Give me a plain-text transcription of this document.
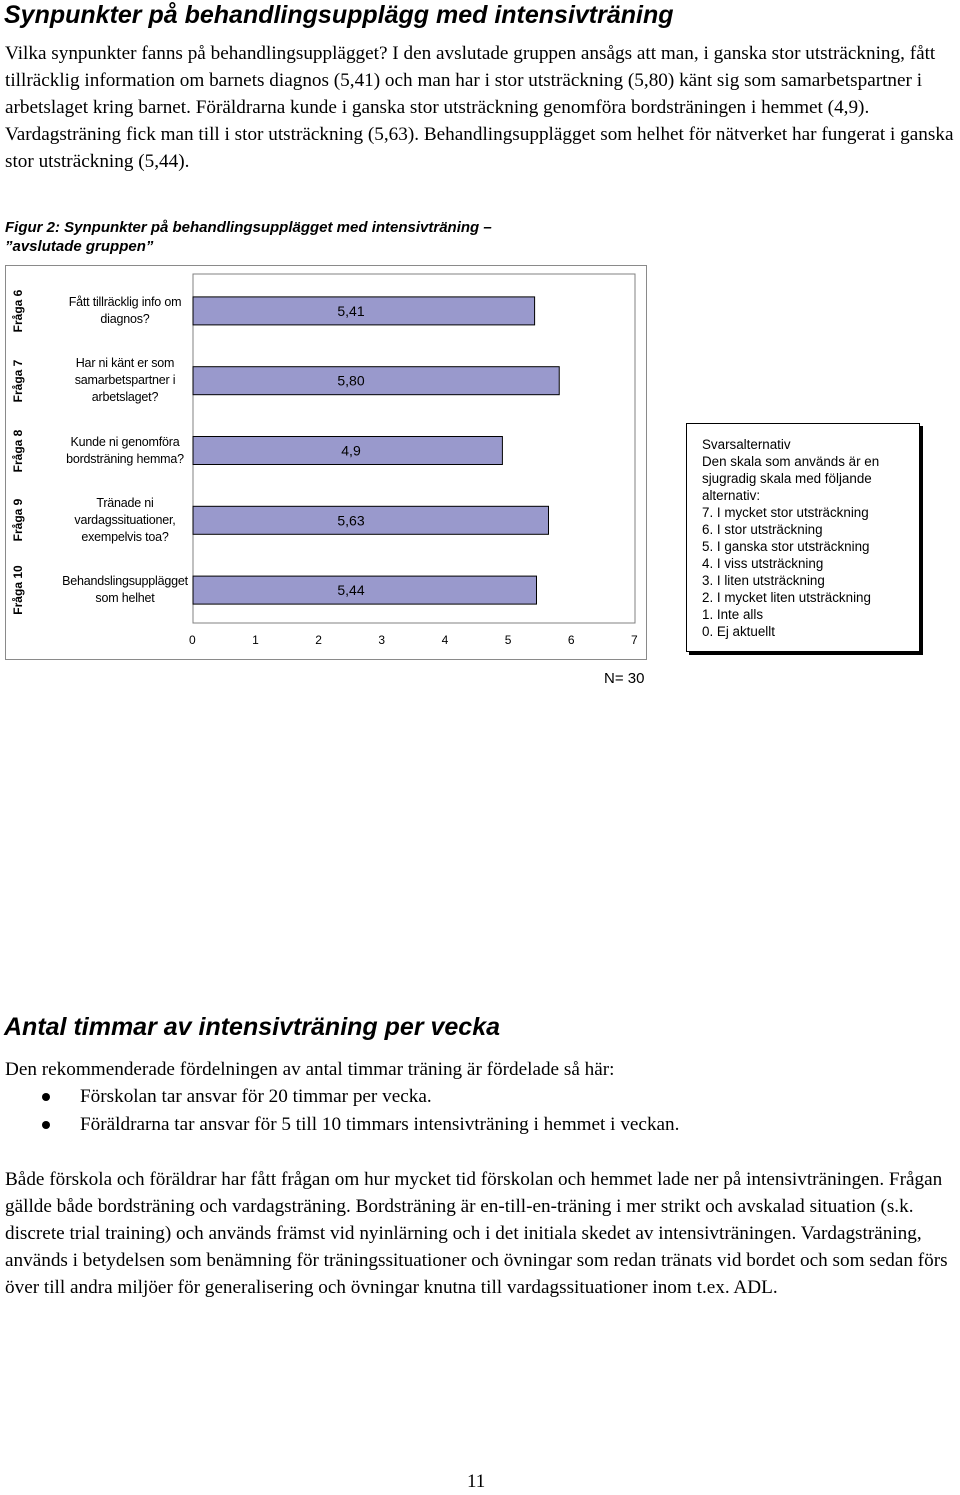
Synpunkter på behandlingsupplägg med intensivträning

Vilka synpunkter fanns på behandlingsupplägget? I den avslutade gruppen ansågs att man, i ganska stor utsträckning, fått tillräcklig information om barnets diagnos (5,41) och man har i stor utsträckning (5,80) känt sig som samarbetspartner i arbetslaget kring barnet. Föräldrarna kunde i ganska stor utsträckning genomföra bordsträningen i hemmet (4,9). Vardagsträning fick man till i stor utsträckning (5,63). Behandlingsupplägget som helhet för nätverket har fungerat i ganska stor utsträckning (5,44).

Figur 2: Synpunkter på behandlingsupplägget med intensivträning – ”avslutade gruppen”

5,41
5,80
4,9
5,63
5,44
0	1	2	3	4	5	6	7
Fått tillräcklig info om
diagnos?
Fråga 6
Har ni känt er som
samarbetspartner i
arbetslaget?
Fråga 7
Kunde ni genomföra
bordsträning hemma?
Fråga 8
Tränade ni
vardagssituationer,
exempelvis toa?
Fråga 9
Behandslingsupplägget
som helhet
Fråga 10
Svarsalternativ
Den skala som används är en
sjugradig skala med följande
alternativ:
7. I mycket stor utsträckning
6. I stor utsträckning
5. I ganska stor utsträckning
4. I viss utsträckning
3. I liten utsträckning
2. I mycket liten utsträckning
1. Inte alls
0. Ej aktuellt
N= 30
Antal timmar av intensivträning per vecka

Den rekommenderade fördelningen av antal timmar träning är fördelade så här:

Förskolan tar ansvar för 20 timmar per vecka.
Föräldrarna tar ansvar för 5 till 10 timmars intensivträning i hemmet i veckan.

Både förskola och föräldrar har fått frågan om hur mycket tid förskolan och hemmet lade ner på intensivträningen. Frågan gällde både bordsträning och vardagsträning. Bordsträning är en-till-en-träning i mer strikt och avskalad situation (s.k. discrete trial training) och används främst vid nyinlärning och i det initiala skedet av intensivträningen. Vardagsträning, används i betydelsen som benämning för träningssituationer och övningar som redan tränats vid bordet och som sedan förs över till andra miljöer för generalisering och övningar knutna till vardagssituationer inom t.ex. ADL.

11
